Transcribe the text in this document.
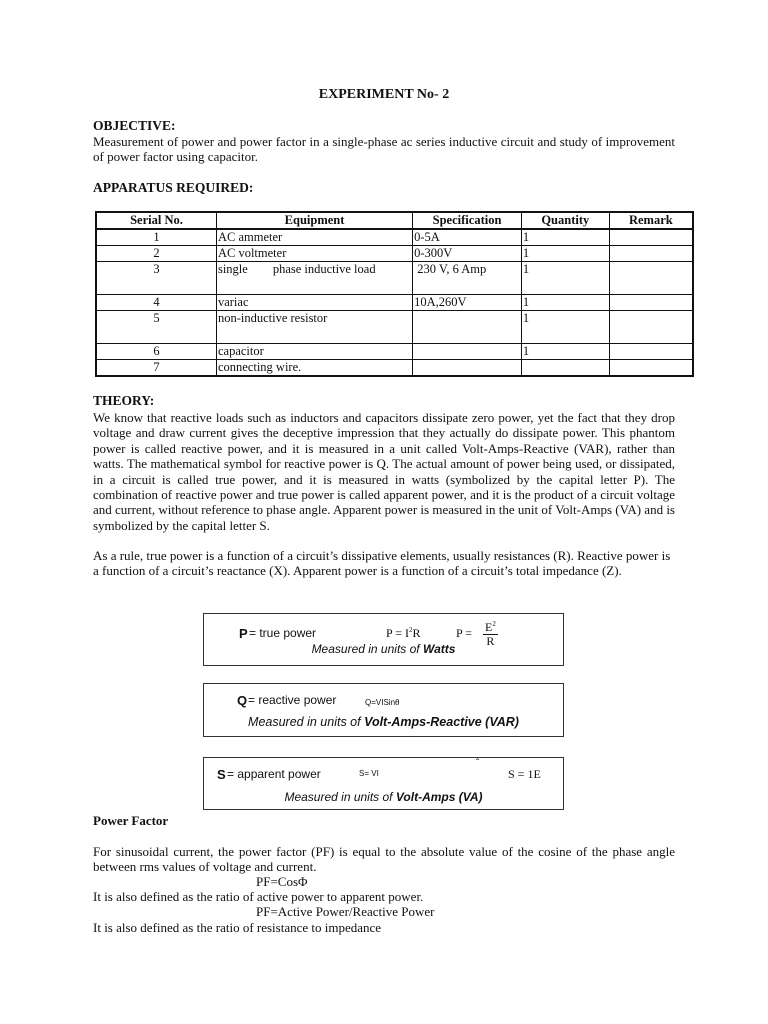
EXPERIMENT No- 2
OBJECTIVE:
Measurement of power and power factor in a single-phase ac series inductive circuit and study of improvement of power factor using capacitor.
APPARATUS REQUIRED:
Serial No.	Equipment	Specification	Quantity	Remark
1	AC ammeter	0-5A	1	
2	AC voltmeter	0-300V	1	
3	single        phase inductive load	230 V, 6 Amp	1	
4	variac	10A,260V	1	
5	non-inductive resistor		1	
6	capacitor		1	
7	connecting wire.			
THEORY:
We know that reactive loads such as inductors and capacitors dissipate zero power, yet the fact that they drop voltage and draw current gives the deceptive impression that they actually do dissipate power. This phantom power is called reactive power, and it is measured in a unit called Volt-Amps-Reactive (VAR), rather than watts. The mathematical symbol for reactive power is Q. The actual amount of power being used, or dissipated, in a circuit is called true power, and it is measured in watts (symbolized by the capital letter P). The combination of reactive power and true power is called apparent power, and it is the product of a circuit voltage and current, without reference to phase angle. Apparent power is measured in the unit of Volt-Amps (VA) and is symbolized by the capital letter S.
As a rule, true power is a function of a circuit’s dissipative elements, usually resistances (R). Reactive power is a function of a circuit’s reactance (X). Apparent power is a function of a circuit’s total impedance (Z).
P = true power	$P = I^2R$	$P = \frac{E^2}{R}$
Measured in units of Watts
Q = reactive power	Q=VISinθ
Measured in units of Volt-Amps-Reactive (VAR)
S = apparent power	S= VI
ˆ
S = 1E
Measured in units of Volt-Amps (VA)
Power Factor
For sinusoidal current, the power factor (PF) is equal to the absolute value of the cosine of the phase angle between rms values of voltage and current.
PF=CosΦ
It is also defined as the ratio of active power to apparent power.
PF=Active Power/Reactive Power
It is also defined as the ratio of resistance to impedance
